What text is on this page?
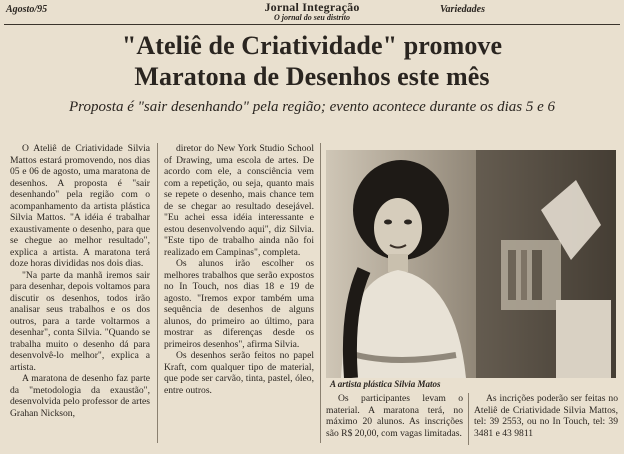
Agosto/95	Jornal Integração
O jornal do seu distrito
Variedades
"Ateliê de Criatividade" promove
Maratona de Desenhos este mês
Proposta é "sair desenhando" pela região; evento acontece durante os dias 5 e 6

O Ateliê de Criatividade Silvia Mattos estará promovendo, nos dias 05 e 06 de agosto, uma maratona de desenhos. A proposta é "sair desenhando" pela região com o acompanhamento da artista plástica Silvia Mattos. "A idéia é trabalhar exaustivamente o desenho, para que se chegue ao melhor resultado", explica a artista. A maratona terá doze horas divididas nos dois dias.

"Na parte da manhã iremos sair para desenhar, depois voltamos para discutir os desenhos, todos irão analisar seus trabalhos e os dos outros, para a tarde voltarmos a desenhar", conta Silvia. "Quando se trabalha muito o desenho dá para desenvolvê-lo melhor", explica a artista.

A maratona de desenho faz parte da "metodologia da exaustão", desenvolvida pelo professor de artes Grahan Nickson,

diretor do New York Studio School of Drawing, uma escola de artes. De acordo com ele, a consciência vem com a repetição, ou seja, quanto mais se repete o desenho, mais chance tem de se chegar ao resultado desejável. "Eu achei essa idéia interessante e estou desenvolvendo aqui", diz Silvia. "Este tipo de trabalho ainda não foi realizado em Campinas", completa.

Os alunos irão escolher os melhores trabalhos que serão expostos no In Touch, nos dias 18 e 19 de agosto. "Iremos expor também uma sequência de desenhos de alguns alunos, do primeiro ao último, para mostrar as diferenças desde os primeiros desenhos", afirma Silvia.

Os desenhos serão feitos no papel Kraft, com qualquer tipo de material, que pode ser carvão, tinta, pastel, óleo, entre outros.

A artista plástica Silvia Matos

Os participantes levam o material. A maratona terá, no máximo 20 alunos. As inscrições são R$ 20,00, com vagas limitadas.

As incrições poderão ser feitas no Ateliê de Criatividade Silvia Mattos, tel: 39 2553, ou no In Touch, tel: 39 3481 e 43 9811
